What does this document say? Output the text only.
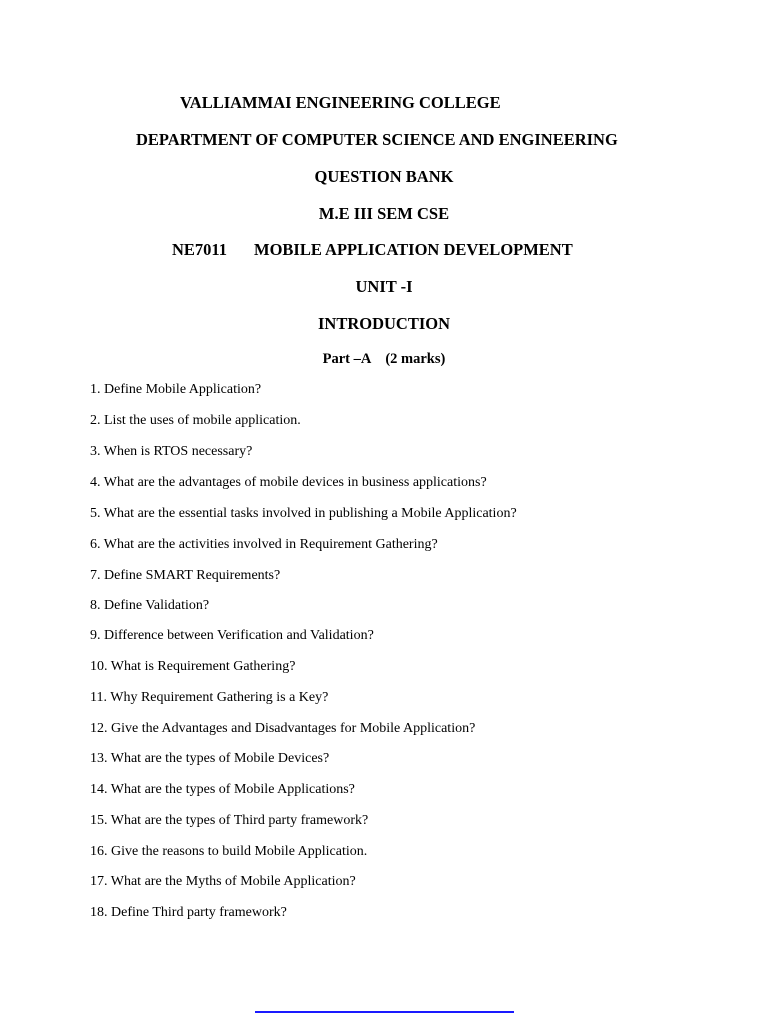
VALLIAMMAI ENGINEERING COLLEGE
DEPARTMENT OF COMPUTER SCIENCE AND ENGINEERING
QUESTION BANK
M.E III SEM CSE
NE7011 MOBILE APPLICATION DEVELOPMENT
UNIT -I
INTRODUCTION
Part –A (2 marks)
1. Define Mobile Application?
2. List the uses of mobile application.
3. When is RTOS necessary?
4. What are the advantages of mobile devices in business applications?
5. What are the essential tasks involved in publishing a Mobile Application?
6. What are the activities involved in Requirement Gathering?
7. Define SMART Requirements?
8. Define Validation?
9. Difference between Verification and Validation?
10. What is Requirement Gathering?
11. Why Requirement Gathering is a Key?
12. Give the Advantages and Disadvantages for Mobile Application?
13. What are the types of Mobile Devices?
14. What are the types of Mobile Applications?
15. What are the types of Third party framework?
16. Give the reasons to build Mobile Application.
17. What are the Myths of Mobile Application?
18. Define Third party framework?
